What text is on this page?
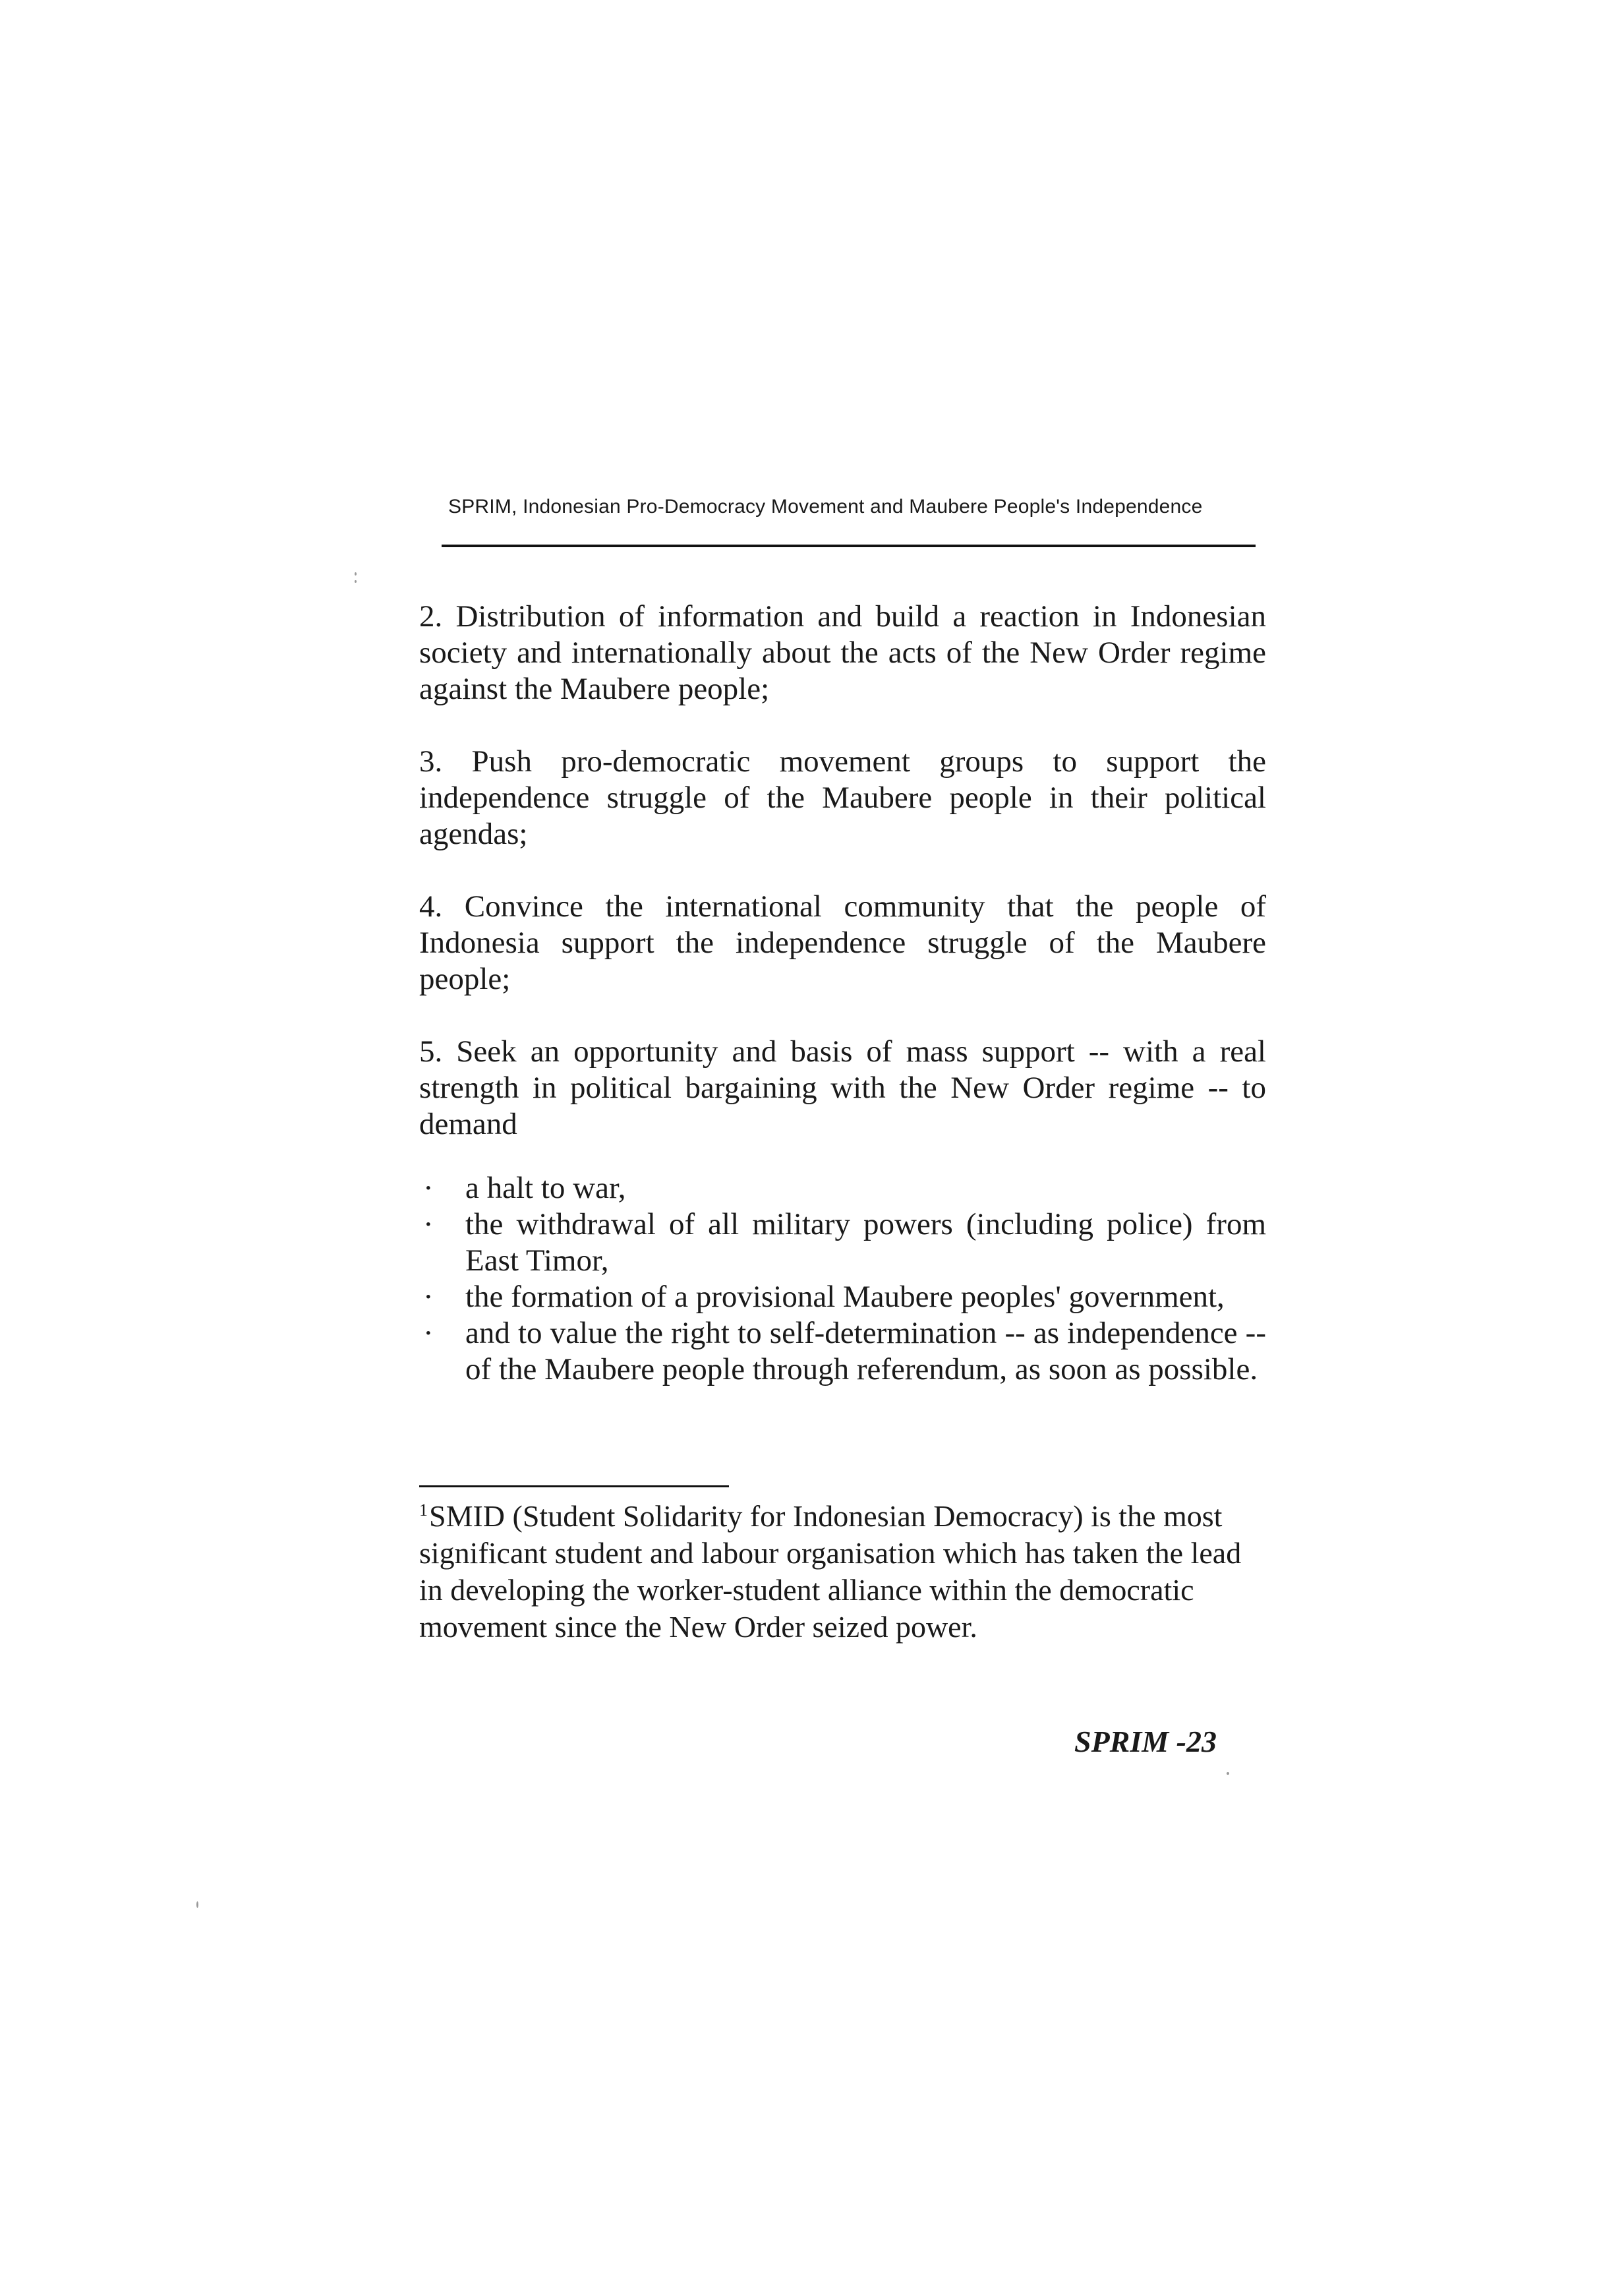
SPRIM, Indonesian Pro-Democracy Movement and Maubere People's Independence

2. Distribution of information and build a reaction in Indonesian society and internationally about the acts of the New Order regime against the Maubere people;

3. Push pro-democratic movement groups to support the independence struggle of the Maubere people in their political agendas;

4. Convince the international community that the people of Indonesia support the independence struggle of the Maubere people;

5. Seek an opportunity and basis of mass support -- with a real strength in political bargaining with the New Order regime -- to demand

· a halt to war,
· the withdrawal of all military powers (including police) from East Timor,
· the formation of a provisional Maubere peoples' government,
· and to value the right to self-determination -- as independence -- of the Maubere people through referendum, as soon as possible.

$^1$SMID (Student Solidarity for Indonesian Democracy) is the most significant student and labour organisation which has taken the lead in developing the worker-student alliance within the democratic movement since the New Order seized power.

SPRIM -23
